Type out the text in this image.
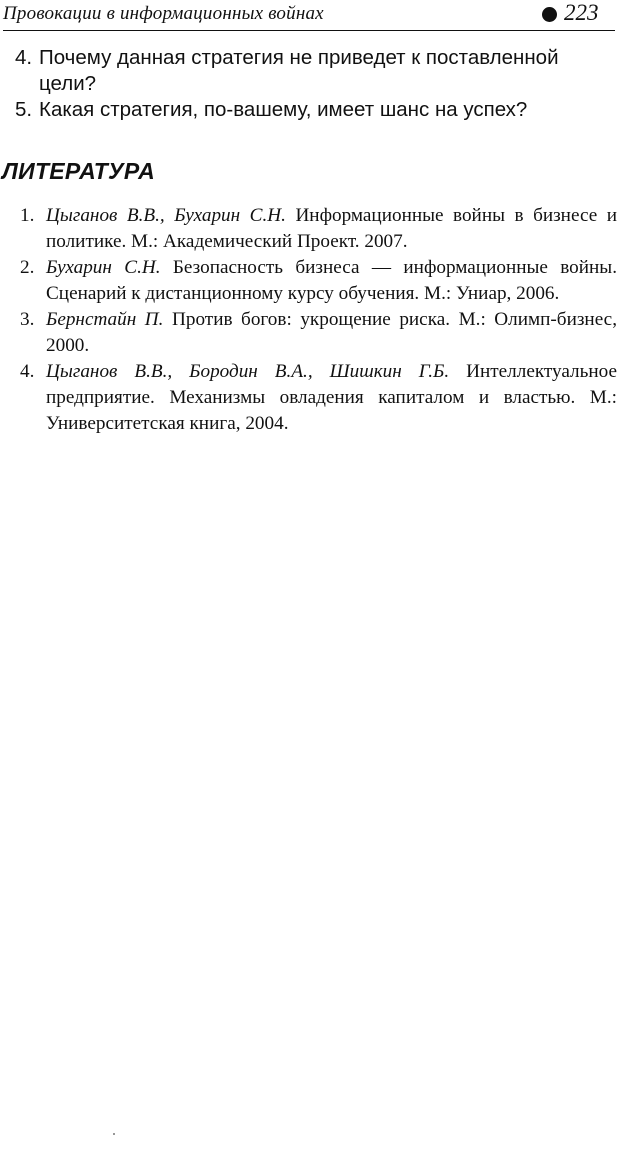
Провокации в информационных войнах	223
4. Почему данная стратегия не приведет к поставленной цели?
5. Какая стратегия, по-вашему, имеет шанс на успех?
ЛИТЕРАТУРА
1. Цыганов В.В., Бухарин С.Н. Информационные войны в бизнесе и политике. М.: Академический Проект. 2007.
2. Бухарин С.Н. Безопасность бизнеса — информационные войны. Сценарий к дистанционному курсу обучения. М.: Униар, 2006.
3. Бернстайн П. Против богов: укрощение риска. М.: Олимп-бизнес, 2000.
4. Цыганов В.В., Бородин В.А., Шишкин Г.Б. Интеллектуальное предприятие. Механизмы овладения капиталом и властью. М.: Университетская книга, 2004.
